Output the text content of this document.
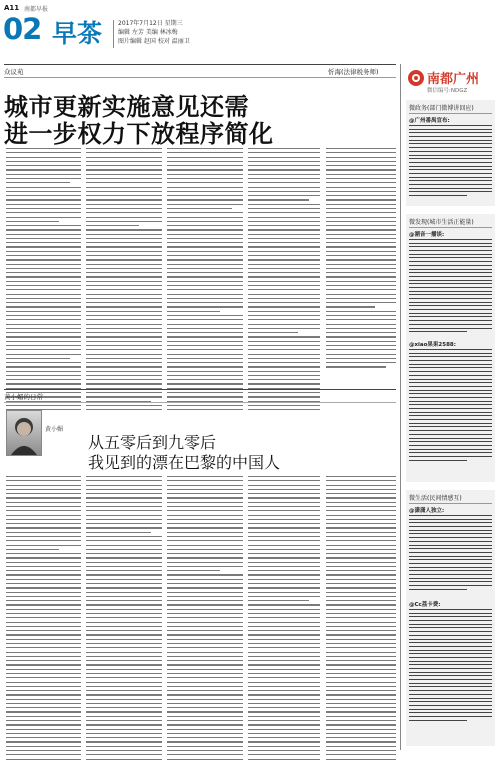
A11 南都早报
02 早茶	2017年7月12日 星期三
编辑 左芳 美编 林冰梅
图片编辑 赵国 校对 温丽卫
众议苑	忻海(法律税务师)
城市更新实施意见还需
进一步权力下放程序简化
黄小媚的日常
黄小媚
从五零后到九零后
我见到的漂在巴黎的中国人
南都广州
微信编号:NDGZ
微政务(部门微博讲回应)
@广州番禺宣布:
微发现(城市生活正能量)
@潮音一播谈:
@xiao果果2588:
微生活(民间情感互)
@潇潇人独立:
@Cc荔卡费:
